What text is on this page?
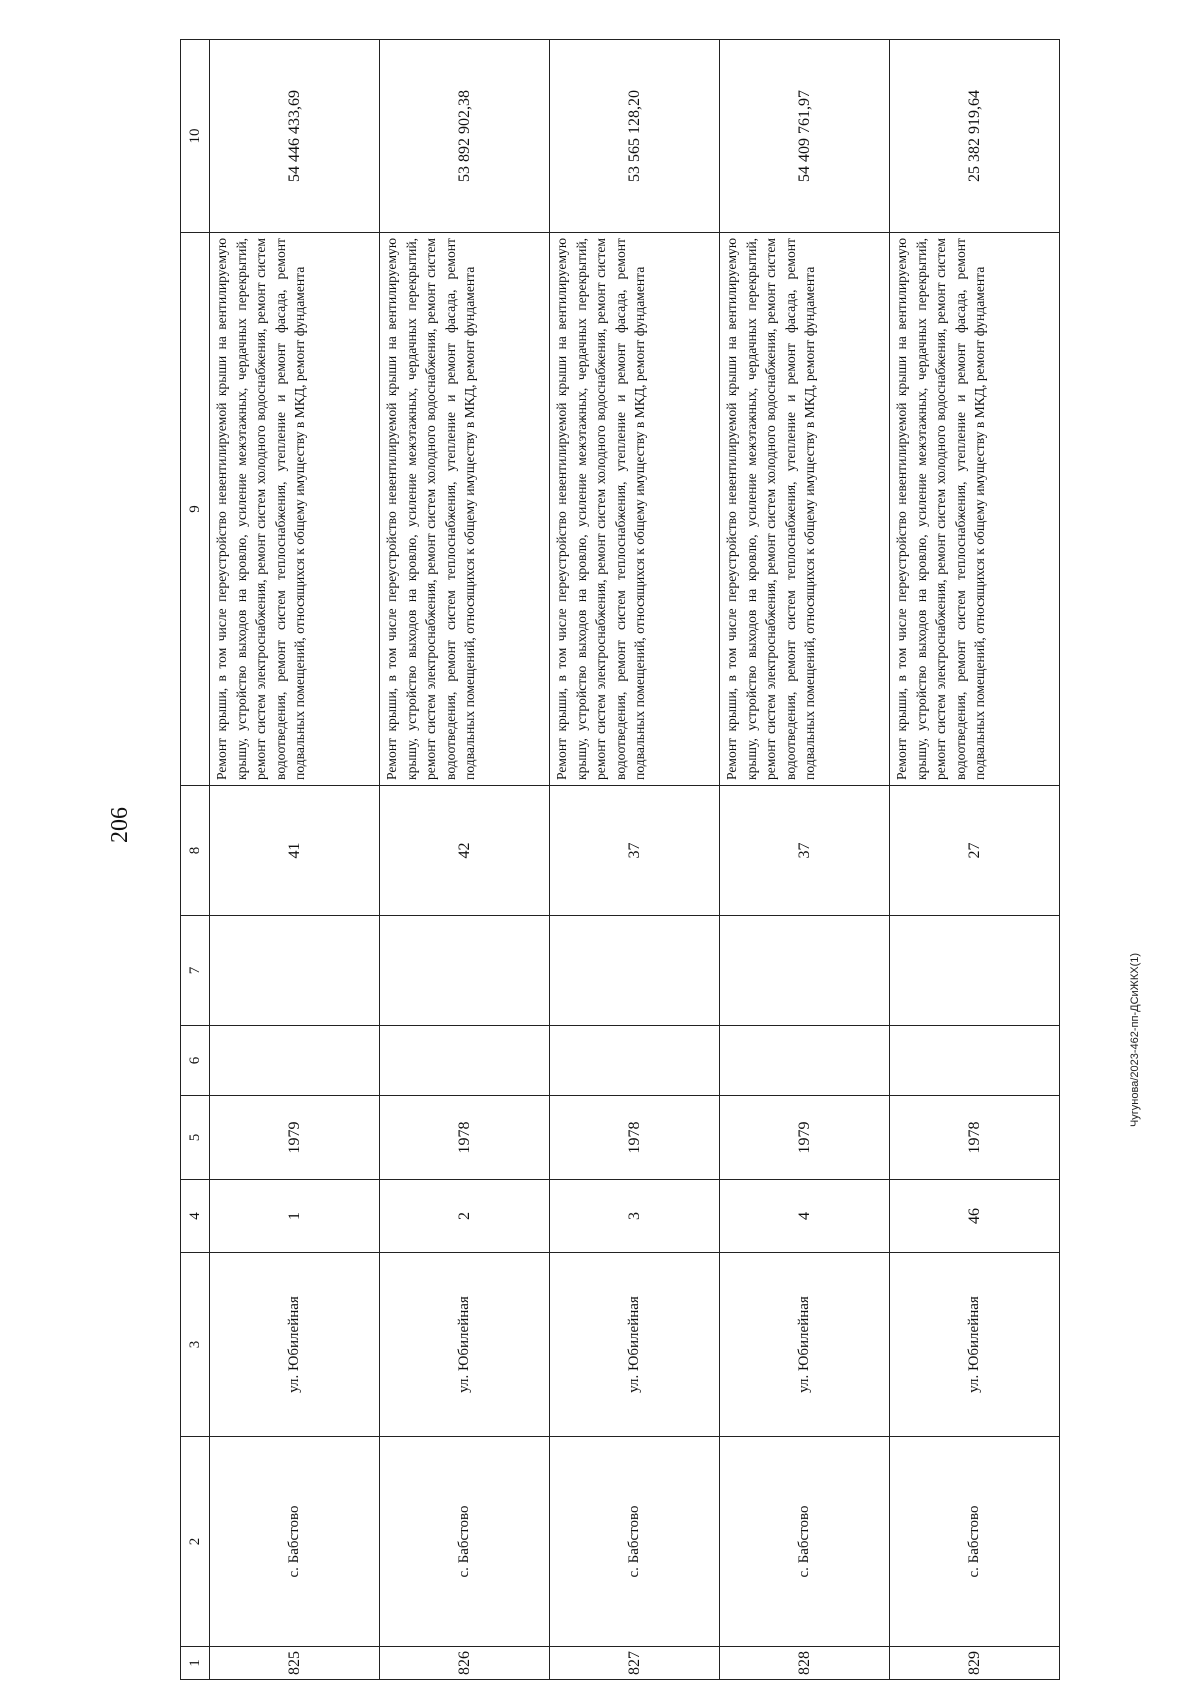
206
Чугунова/2023-462-пп-ДСиЖКХ(1)
1	2	3	4	5	6	7	8	9	10
825	с. Бабстово	ул. Юбилейная	1	1979			41	Ремонт крыши, в том числе переустройство невентилируемой крыши на вентилируемую крышу, устройство выходов на кровлю, усиление межэтажных, чердачных перекрытий, ремонт систем электроснабжения, ремонт систем холодного водоснабжения, ремонт систем водоотведения, ремонт систем теплоснабжения, утепление и ремонт фасада, ремонт подвальных помещений, относящихся к общему имуществу в МКД, ремонт фундамента	54 446 433,69
826	с. Бабстово	ул. Юбилейная	2	1978			42	Ремонт крыши, в том числе переустройство невентилируемой крыши на вентилируемую крышу, устройство выходов на кровлю, усиление межэтажных, чердачных перекрытий, ремонт систем электроснабжения, ремонт систем холодного водоснабжения, ремонт систем водоотведения, ремонт систем теплоснабжения, утепление и ремонт фасада, ремонт подвальных помещений, относящихся к общему имуществу в МКД, ремонт фундамента	53 892 902,38
827	с. Бабстово	ул. Юбилейная	3	1978			37	Ремонт крыши, в том числе переустройство невентилируемой крыши на вентилируемую крышу, устройство выходов на кровлю, усиление межэтажных, чердачных перекрытий, ремонт систем электроснабжения, ремонт систем холодного водоснабжения, ремонт систем водоотведения, ремонт систем теплоснабжения, утепление и ремонт фасада, ремонт подвальных помещений, относящихся к общему имуществу в МКД, ремонт фундамента	53 565 128,20
828	с. Бабстово	ул. Юбилейная	4	1979			37	Ремонт крыши, в том числе переустройство невентилируемой крыши на вентилируемую крышу, устройство выходов на кровлю, усиление межэтажных, чердачных перекрытий, ремонт систем электроснабжения, ремонт систем холодного водоснабжения, ремонт систем водоотведения, ремонт систем теплоснабжения, утепление и ремонт фасада, ремонт подвальных помещений, относящихся к общему имуществу в МКД, ремонт фундамента	54 409 761,97
829	с. Бабстово	ул. Юбилейная	46	1978			27	Ремонт крыши, в том числе переустройство невентилируемой крыши на вентилируемую крышу, устройство выходов на кровлю, усиление межэтажных, чердачных перекрытий, ремонт систем электроснабжения, ремонт систем холодного водоснабжения, ремонт систем водоотведения, ремонт систем теплоснабжения, утепление и ремонт фасада, ремонт подвальных помещений, относящихся к общему имуществу в МКД, ремонт фундамента	25 382 919,64
